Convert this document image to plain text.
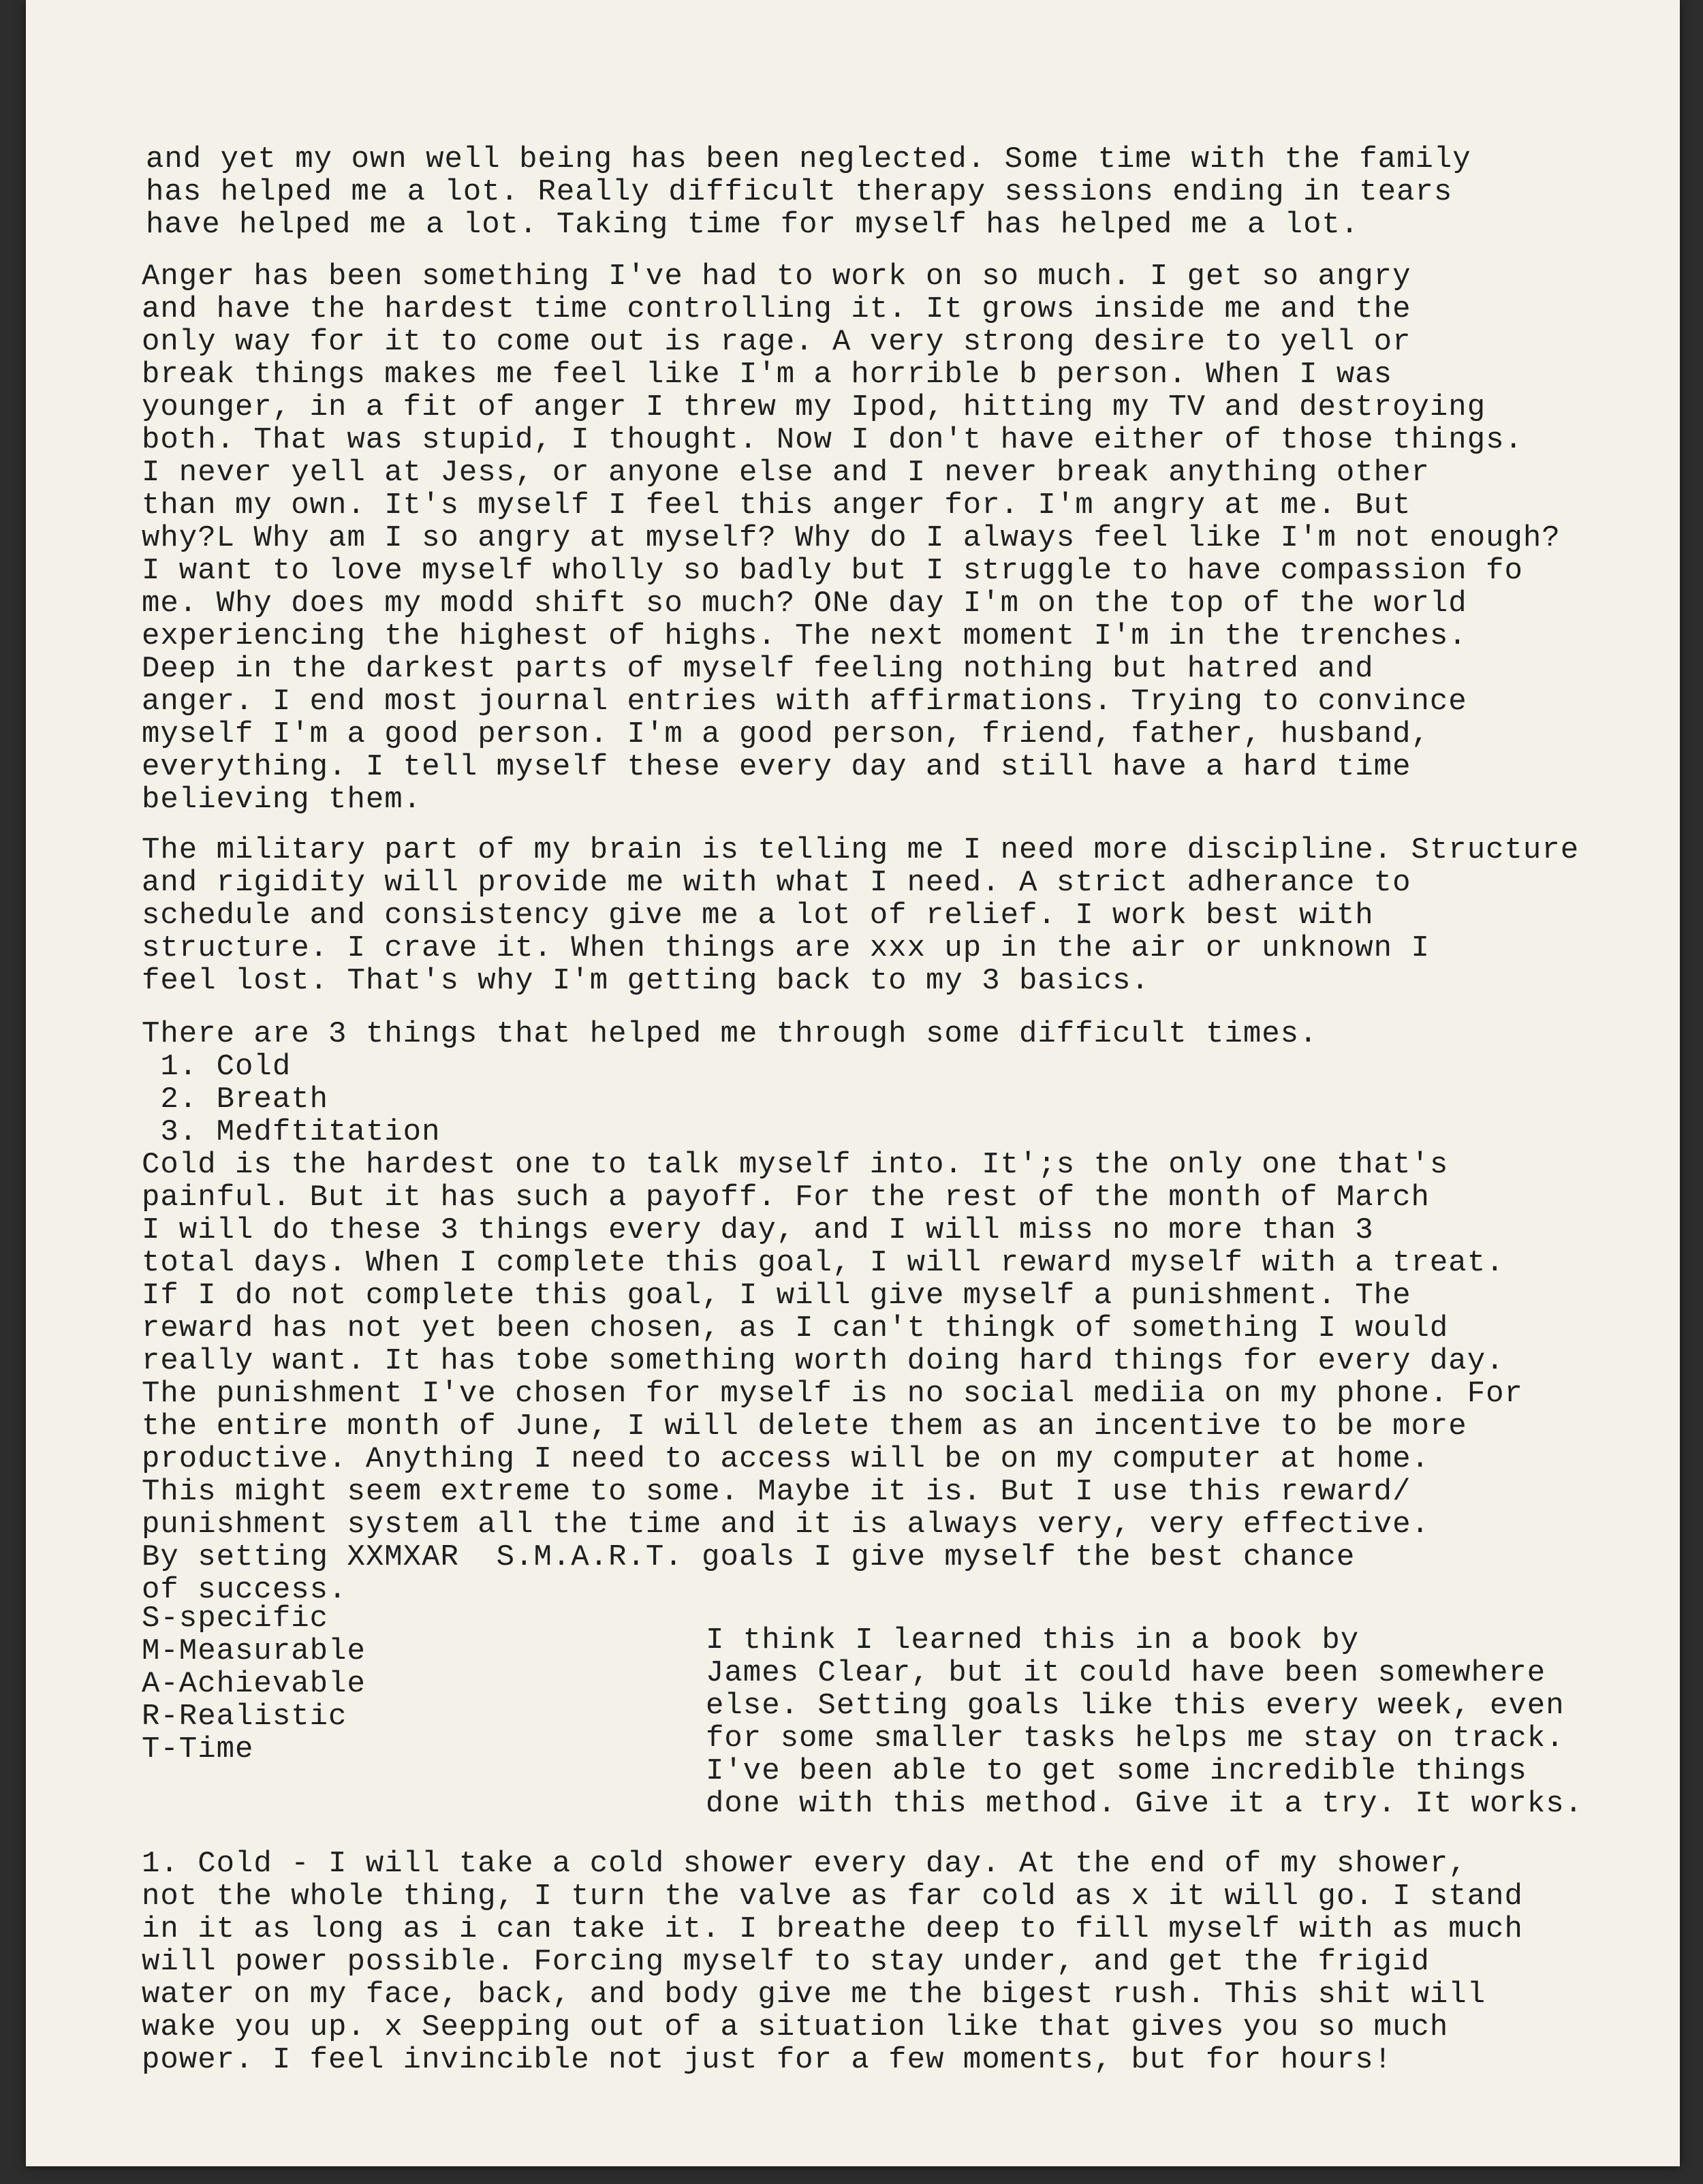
and yet my own well being has been neglected. Some time with the family
has helped me a lot. Really difficult therapy sessions ending in tears
have helped me a lot. Taking time for myself has helped me a lot.
Anger has been something I've had to work on so much. I get so angry
and have the hardest time controlling it. It grows inside me and the
only way for it to come out is rage. A very strong desire to yell or
break things makes me feel like I'm a horrible b person. When I was
younger, in a fit of anger I threw my Ipod, hitting my TV and destroying
both. That was stupid, I thought. Now I don't have either of those things.
I never yell at Jess, or anyone else and I never break anything other
than my own. It's myself I feel this anger for. I'm angry at me. But
why?L Why am I so angry at myself? Why do I always feel like I'm not enough?
I want to love myself wholly so badly but I struggle to have compassion fo
me. Why does my modd shift so much? ONe day I'm on the top of the world
experiencing the highest of highs. The next moment I'm in the trenches.
Deep in the darkest parts of myself feeling nothing but hatred and
anger. I end most journal entries with affirmations. Trying to convince
myself I'm a good person. I'm a good person, friend, father, husband,
everything. I tell myself these every day and still have a hard time
believing them.
The military part of my brain is telling me I need more discipline. Structure
and rigidity will provide me with what I need. A strict adherance to
schedule and consistency give me a lot of relief. I work best with
structure. I crave it. When things are xxx up in the air or unknown I
feel lost. That's why I'm getting back to my 3 basics.
There are 3 things that helped me through some difficult times.
1. Cold
2. Breath
3. Medftitation
Cold is the hardest one to talk myself into. It';s the only one that's
painful. But it has such a payoff. For the rest of the month of March
I will do these 3 things every day, and I will miss no more than 3
total days. When I complete this goal, I will reward myself with a treat.
If I do not complete this goal, I will give myself a punishment. The
reward has not yet been chosen, as I can't thingk of something I would
really want. It has tobe something worth doing hard things for every day.
The punishment I've chosen for myself is no social mediia on my phone. For
the entire month of June, I will delete them as an incentive to be more
productive. Anything I need to access will be on my computer at home.
This might seem extreme to some. Maybe it is. But I use this reward/
punishment system all the time and it is always very, very effective.
By setting XXMXAR  S.M.A.R.T. goals I give myself the best chance
of success.
S-specific
M-Measurable
A-Achievable
R-Realistic
T-Time
I think I learned this in a book by
James Clear, but it could have been somewhere
else. Setting goals like this every week, even
for some smaller tasks helps me stay on track.
I've been able to get some incredible things
done with this method. Give it a try. It works.
1. Cold - I will take a cold shower every day. At the end of my shower,
not the whole thing, I turn the valve as far cold as x it will go. I stand
in it as long as i can take it. I breathe deep to fill myself with as much
will power possible. Forcing myself to stay under, and get the frigid
water on my face, back, and body give me the bigest rush. This shit will
wake you up. x Seepping out of a situation like that gives you so much
power. I feel invincible not just for a few moments, but for hours!
